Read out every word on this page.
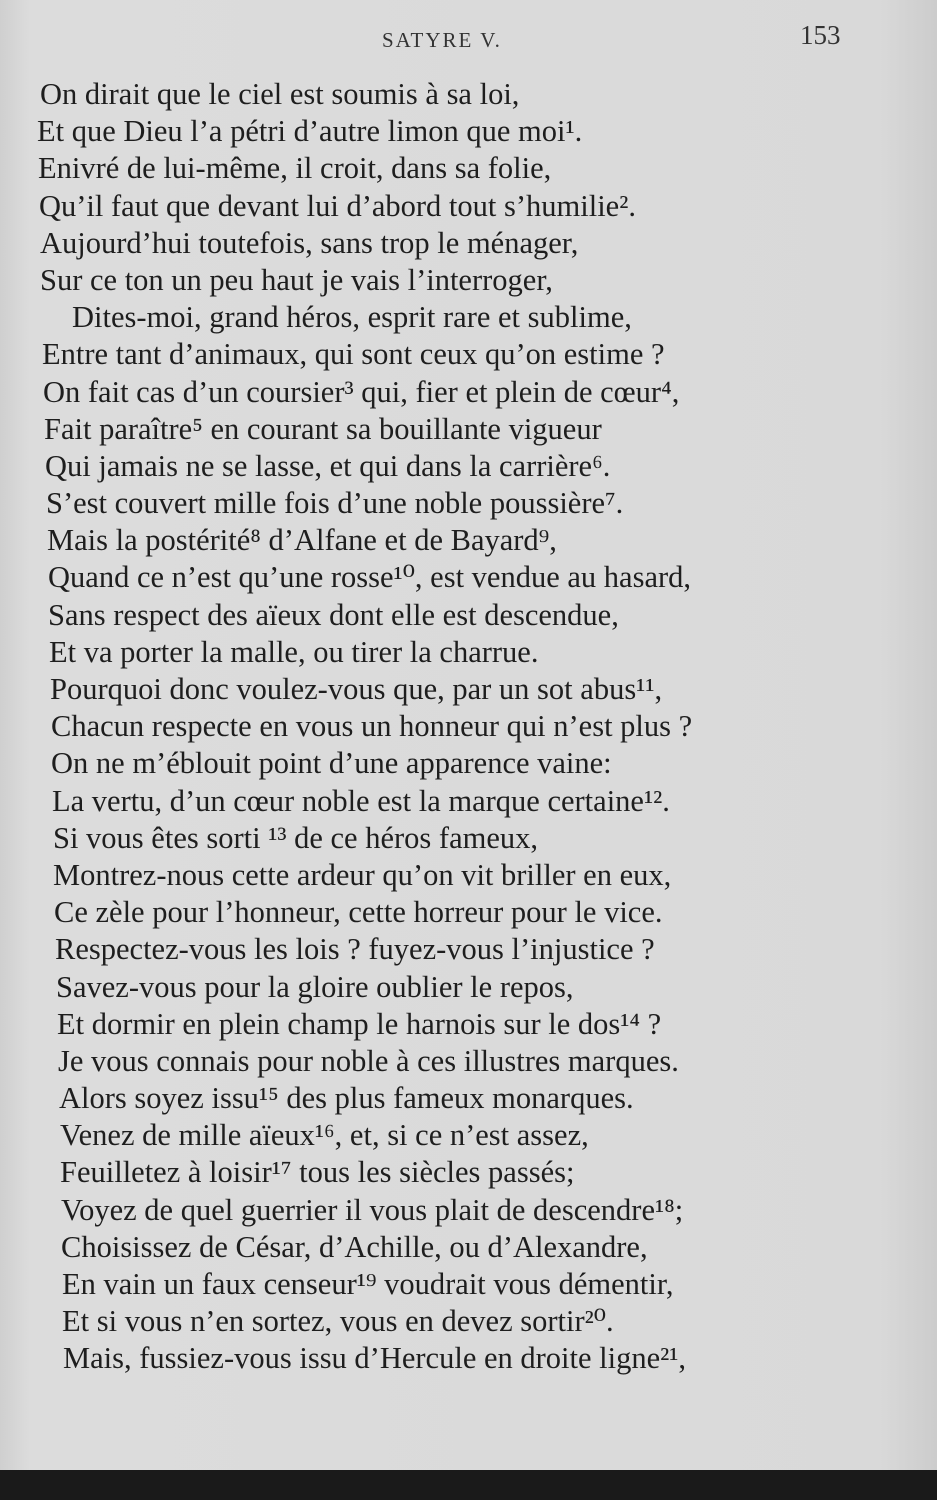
SATYRE V.	153
On dirait que le ciel est soumis à sa loi,
Et que Dieu l’a pétri d’autre limon que moi¹.
Enivré de lui-même, il croit, dans sa folie,
Qu’il faut que devant lui d’abord tout s’humilie².
Aujourd’hui toutefois, sans trop le ménager,
Sur ce ton un peu haut je vais l’interroger,
Dites-moi, grand héros, esprit rare et sublime,
Entre tant d’animaux, qui sont ceux qu’on estime ?
On fait cas d’un coursier³ qui, fier et plein de cœur⁴,
Fait paraître⁵ en courant sa bouillante vigueur
Qui jamais ne se lasse, et qui dans la carrière⁶.
S’est couvert mille fois d’une noble poussière⁷.
Mais la postérité⁸ d’Alfane et de Bayard⁹,
Quand ce n’est qu’une rosse¹⁰, est vendue au hasard,
Sans respect des aïeux dont elle est descendue,
Et va porter la malle, ou tirer la charrue.
Pourquoi donc voulez-vous que, par un sot abus¹¹,
Chacun respecte en vous un honneur qui n’est plus ?
On ne m’éblouit point d’une apparence vaine:
La vertu, d’un cœur noble est la marque certaine¹².
Si vous êtes sorti ¹³ de ce héros fameux,
Montrez-nous cette ardeur qu’on vit briller en eux,
Ce zèle pour l’honneur, cette horreur pour le vice.
Respectez-vous les lois ? fuyez-vous l’injustice ?
Savez-vous pour la gloire oublier le repos,
Et dormir en plein champ le harnois sur le dos¹⁴ ?
Je vous connais pour noble à ces illustres marques.
Alors soyez issu¹⁵ des plus fameux monarques.
Venez de mille aïeux¹⁶, et, si ce n’est assez,
Feuilletez à loisir¹⁷ tous les siècles passés;
Voyez de quel guerrier il vous plait de descendre¹⁸;
Choisissez de César, d’Achille, ou d’Alexandre,
En vain un faux censeur¹⁹ voudrait vous démentir,
Et si vous n’en sortez, vous en devez sortir²⁰.
Mais, fussiez-vous issu d’Hercule en droite ligne²¹,
